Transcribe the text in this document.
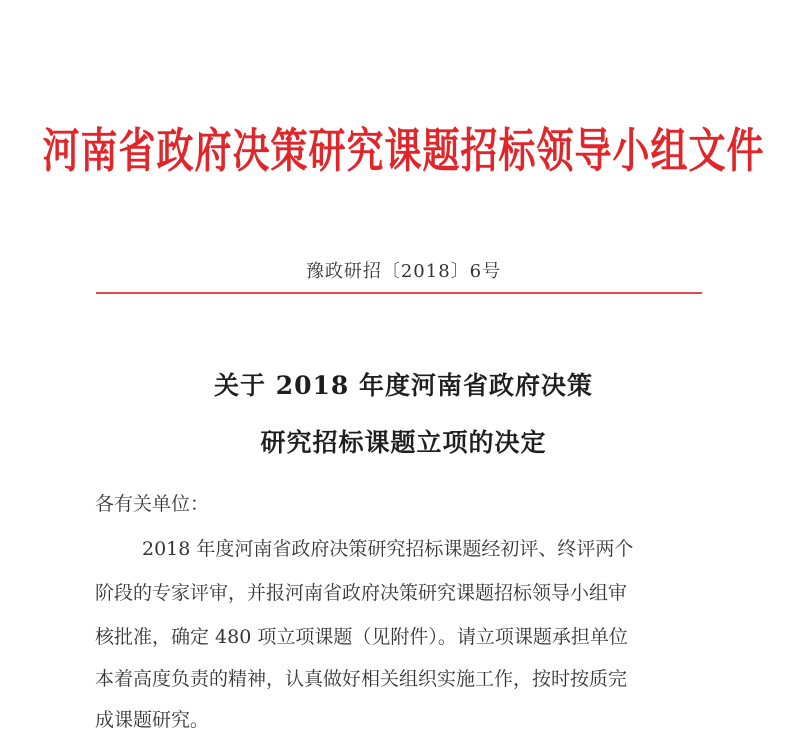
河南省政府决策研究课题招标领导小组文件
豫政研招〔2018〕6号
关于 2018 年度河南省政府决策
研究招标课题立项的决定
各有关单位：
2018 年度河南省政府决策研究招标课题经初评、终评两个
阶段的专家评审，并报河南省政府决策研究课题招标领导小组审
核批准，确定 480 项立项课题（见附件）。请立项课题承担单位
本着高度负责的精神，认真做好相关组织实施工作，按时按质完
成课题研究。
